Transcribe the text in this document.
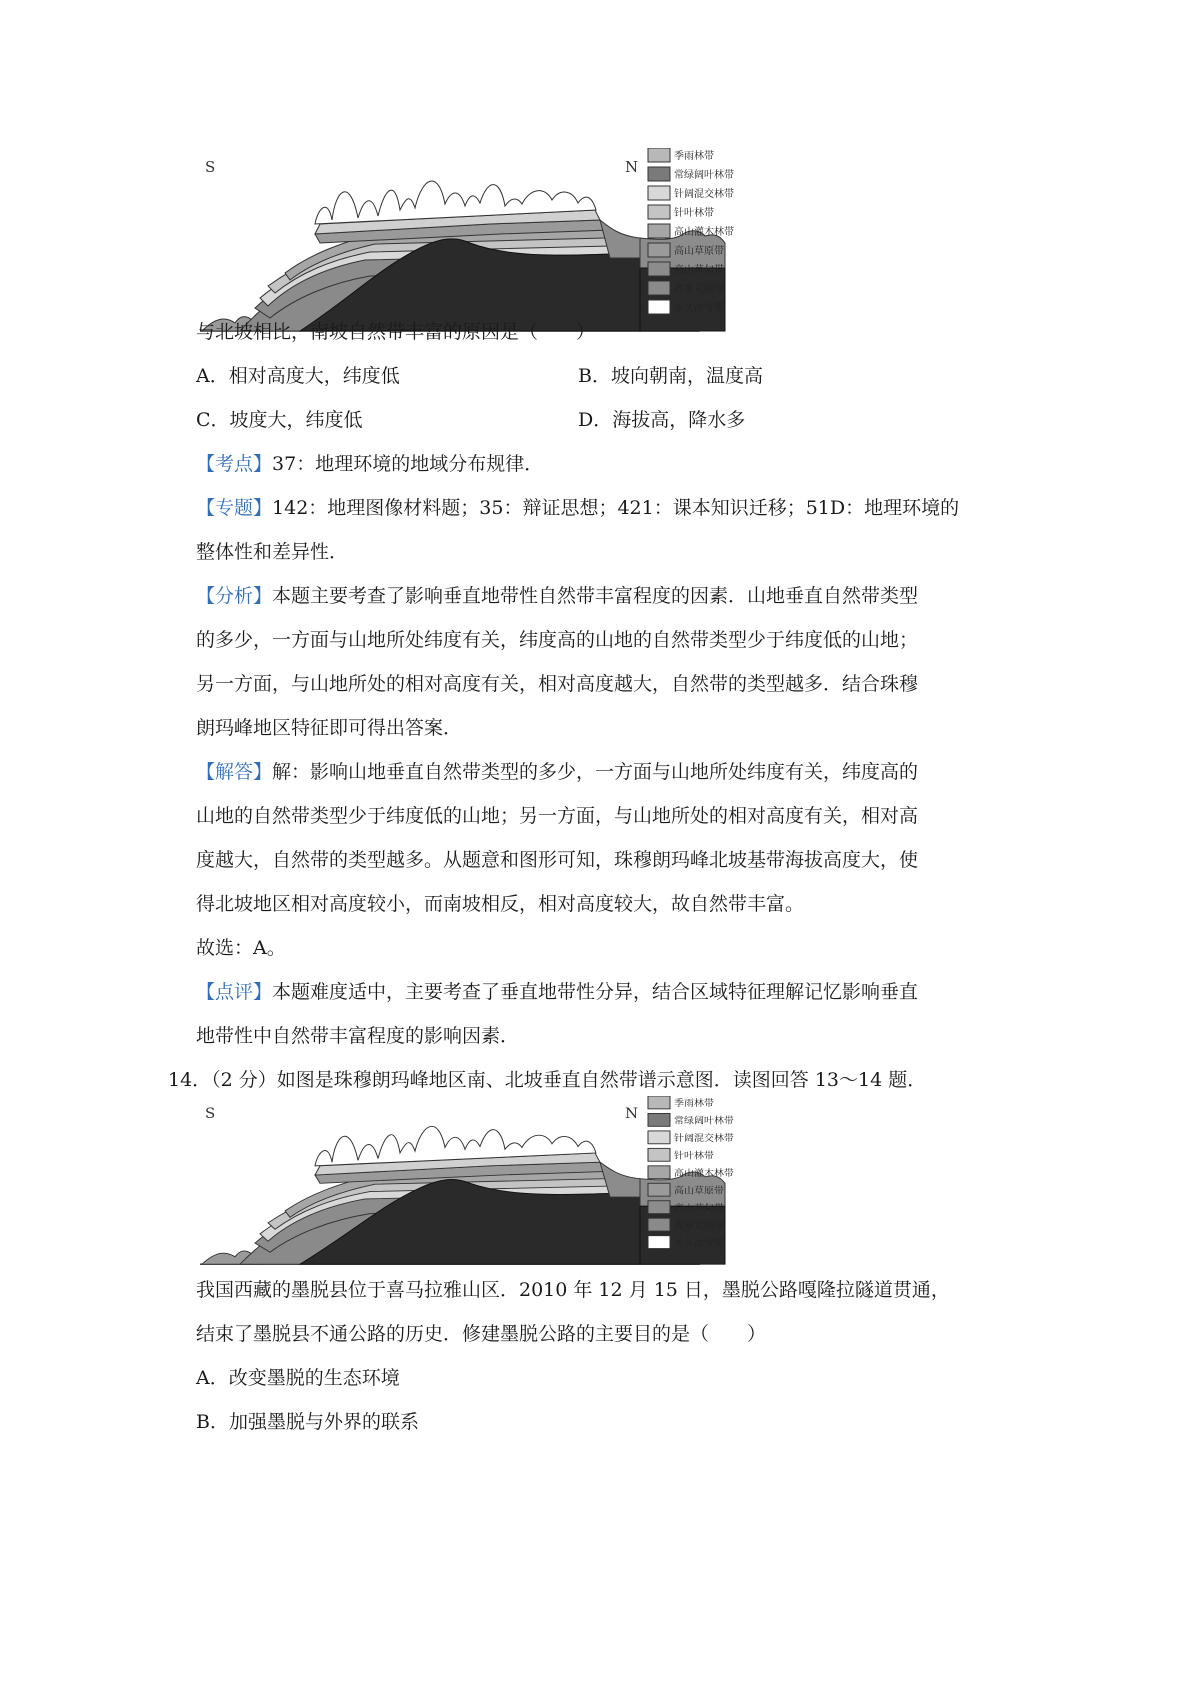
S	N
季雨林带
常绿阔叶林带
针阔混交林带
针叶林带
高山灌木林带
高山草原带
高山草甸带
高寒荒漠带
永久冰雪带
与北坡相比，南坡自然带丰富的原因是（　　）
A．相对高度大，纬度低	B．坡向朝南，温度高
C．坡度大，纬度低	D．海拔高，降水多
【考点】37：地理环境的地域分布规律．
【专题】142：地理图像材料题；35：辩证思想；421：课本知识迁移；51D：地理环境的
整体性和差异性．
【分析】本题主要考查了影响垂直地带性自然带丰富程度的因素．山地垂直自然带类型
的多少，一方面与山地所处纬度有关，纬度高的山地的自然带类型少于纬度低的山地；
另一方面，与山地所处的相对高度有关，相对高度越大，自然带的类型越多．结合珠穆
朗玛峰地区特征即可得出答案．
【解答】解：影响山地垂直自然带类型的多少，一方面与山地所处纬度有关，纬度高的
山地的自然带类型少于纬度低的山地；另一方面，与山地所处的相对高度有关，相对高
度越大，自然带的类型越多。从题意和图形可知，珠穆朗玛峰北坡基带海拔高度大，使
得北坡地区相对高度较小，而南坡相反，相对高度较大，故自然带丰富。
故选：A。
【点评】本题难度适中，主要考查了垂直地带性分异，结合区域特征理解记忆影响垂直
地带性中自然带丰富程度的影响因素．
14．（2 分）如图是珠穆朗玛峰地区南、北坡垂直自然带谱示意图．读图回答 13～14 题．
S	N
季雨林带
常绿阔叶林带
针阔混交林带
针叶林带
高山灌木林带
高山草原带
高山草甸带
高寒荒漠带
永久冰雪带
我国西藏的墨脱县位于喜马拉雅山区．2010 年 12 月 15 日，墨脱公路嘎隆拉隧道贯通，
结束了墨脱县不通公路的历史．修建墨脱公路的主要目的是（　　）
A．改变墨脱的生态环境
B．加强墨脱与外界的联系
